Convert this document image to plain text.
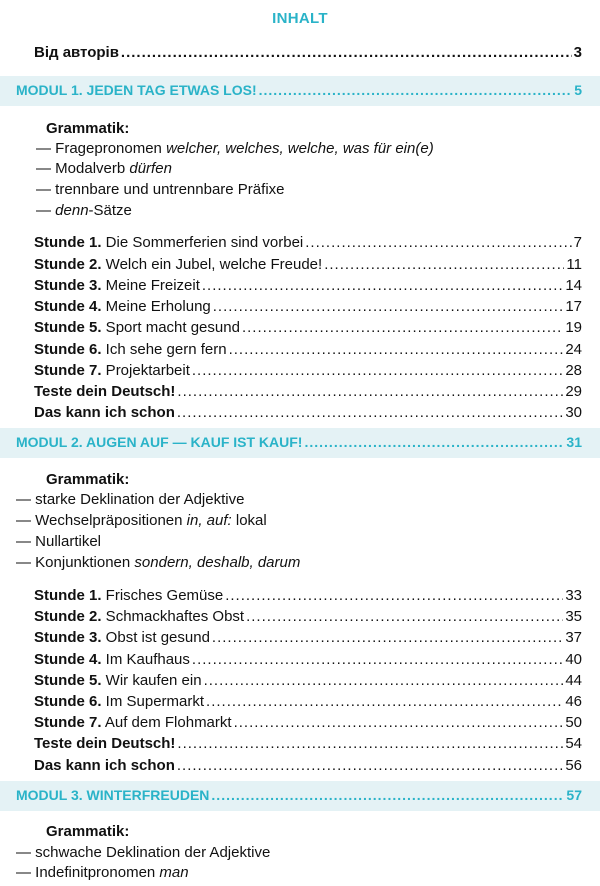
INHALT
Від авторів .....	3
MODUL 1. JEDEN TAG ETWAS LOS! .....	5
Grammatik:
— Fragepronomen welcher, welches, welche, was für ein(e)
— Modalverb dürfen
— trennbare und untrennbare Präfixe
— denn-Sätze
Stunde 1. Die Sommerferien sind vorbei .....	7
Stunde 2. Welch ein Jubel, welche Freude! .....	11
Stunde 3. Meine Freizeit .....	14
Stunde 4. Meine Erholung .....	17
Stunde 5. Sport macht gesund .....	19
Stunde 6. Ich sehe gern fern .....	24
Stunde 7. Projektarbeit .....	28
Teste dein Deutsch! .....	29
Das kann ich schon .....	30
MODUL 2. AUGEN AUF — KAUF IST KAUF! .....	31
Grammatik:
— starke Deklination der Adjektive
— Wechselpräpositionen in, auf: lokal
— Nullartikel
— Konjunktionen sondern, deshalb, darum
Stunde 1. Frisches Gemüse .....	33
Stunde 2. Schmackhaftes Obst .....	35
Stunde 3. Obst ist gesund .....	37
Stunde 4. Im Kaufhaus .....	40
Stunde 5. Wir kaufen ein .....	44
Stunde 6. Im Supermarkt .....	46
Stunde 7. Auf dem Flohmarkt .....	50
Teste dein Deutsch! .....	54
Das kann ich schon .....	56
MODUL 3. WINTERFREUDEN .....	57
Grammatik:
— schwache Deklination der Adjektive
— Indefinitpronomen man
